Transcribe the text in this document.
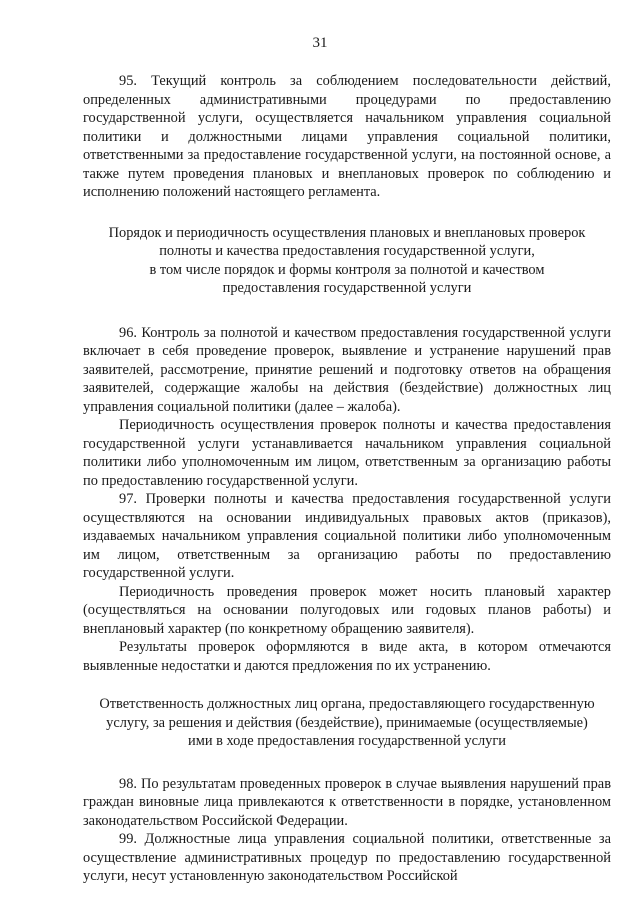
31

95. Текущий контроль за соблюдением последовательности действий, определенных административными процедурами по предоставлению государственной услуги, осуществляется начальником управления социальной политики и должностными лицами управления социальной политики, ответственными за предоставление государственной услуги, на постоянной основе, а также путем проведения плановых и внеплановых проверок по соблюдению и исполнению положений настоящего регламента.

Порядок и периодичность осуществления плановых и внеплановых проверок
полноты и качества предоставления государственной услуги,
в том числе порядок и формы контроля за полнотой и качеством
предоставления государственной услуги

96. Контроль за полнотой и качеством предоставления государственной услуги включает в себя проведение проверок, выявление и устранение нарушений прав заявителей, рассмотрение, принятие решений и подготовку ответов на обращения заявителей, содержащие жалобы на действия (бездействие) должностных лиц управления социальной политики (далее – жалоба).

Периодичность осуществления проверок полноты и качества предоставления государственной услуги устанавливается начальником управления социальной политики либо уполномоченным им лицом, ответственным за организацию работы по предоставлению государственной услуги.

97. Проверки полноты и качества предоставления государственной услуги осуществляются на основании индивидуальных правовых актов (приказов), издаваемых начальником управления социальной политики либо уполномоченным им лицом, ответственным за организацию работы по предоставлению государственной услуги.

Периодичность проведения проверок может носить плановый характер (осуществляться на основании полугодовых или годовых планов работы) и внеплановый характер (по конкретному обращению заявителя).

Результаты проверок оформляются в виде акта, в котором отмечаются выявленные недостатки и даются предложения по их устранению.

Ответственность должностных лиц органа, предоставляющего государственную
услугу, за решения и действия (бездействие), принимаемые (осуществляемые)
ими в ходе предоставления государственной услуги

98. По результатам проведенных проверок в случае выявления нарушений прав граждан виновные лица привлекаются к ответственности в порядке, установленном законодательством Российской Федерации.

99. Должностные лица управления социальной политики, ответственные за осуществление административных процедур по предоставлению государственной услуги, несут установленную законодательством Российской
